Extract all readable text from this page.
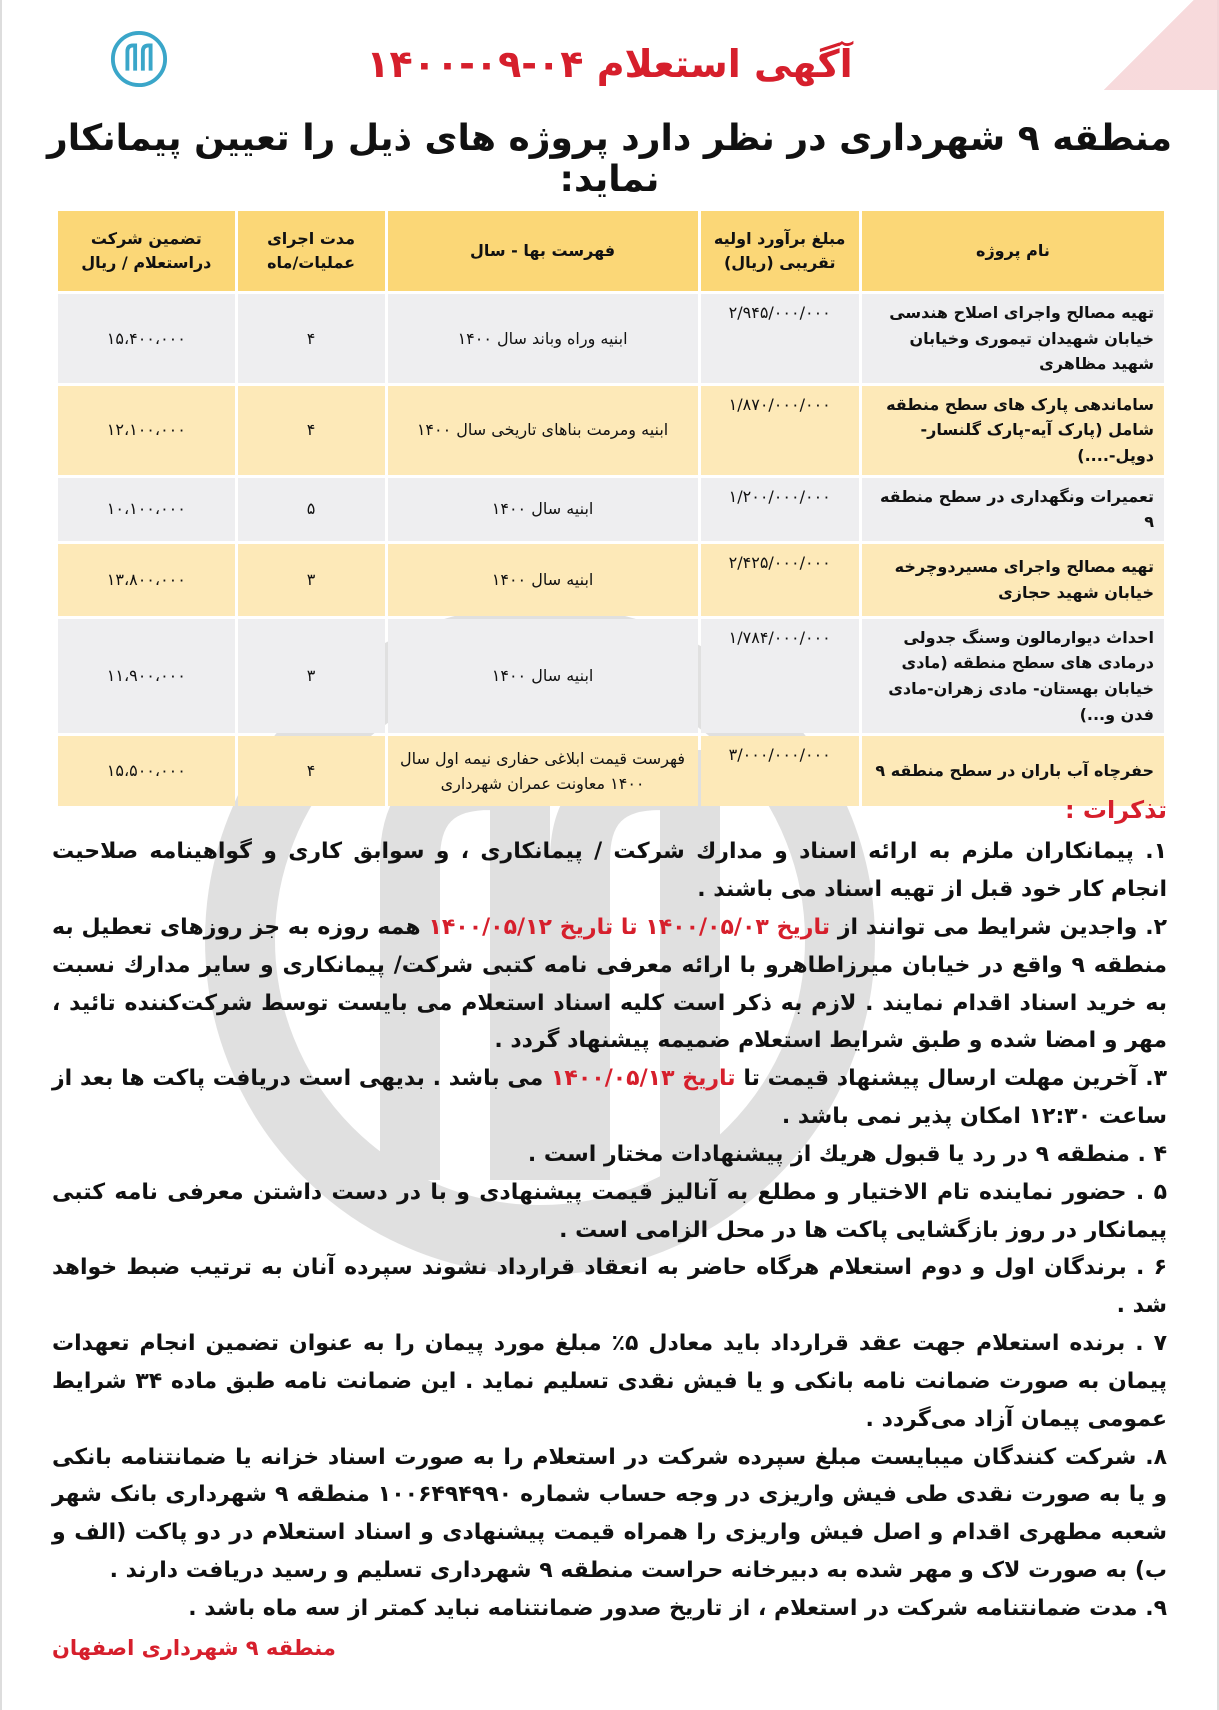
آگهی استعلام ۰۴-۰۹-۱۴۰۰
منطقه ۹ شهرداری در نظر دارد پروژه های ذیل را تعیین پیمانکار نماید:
نام پروژه	مبلغ برآورد اولیه تقریبی (ریال)	فهرست بها - سال	مدت اجرای عملیات/ماه	تضمین شرکت دراستعلام / ریال
تهیه مصالح واجرای اصلاح هندسی خیابان شهیدان تیموری وخیابان شهید مظاهری	۲/۹۴۵/۰۰۰/۰۰۰	ابنیه وراه وباند سال ۱۴۰۰	۴	۱۵،۴۰۰،۰۰۰
ساماندهی پارک های سطح منطقه شامل (پارک آیه-پارک گلنسار-دوپل-....)	۱/۸۷۰/۰۰۰/۰۰۰	ابنیه ومرمت بناهای تاریخی سال ۱۴۰۰	۴	۱۲،۱۰۰،۰۰۰
تعمیرات ونگهداری در سطح منطقه ۹	۱/۲۰۰/۰۰۰/۰۰۰	ابنیه سال ۱۴۰۰	۵	۱۰،۱۰۰،۰۰۰
تهیه مصالح واجرای مسیردوچرخه خیابان شهید حجازی	۲/۴۲۵/۰۰۰/۰۰۰	ابنیه سال ۱۴۰۰	۳	۱۳،۸۰۰،۰۰۰
احداث دیوارمالون وسنگ جدولی درمادی های سطح منطقه (مادی خیابان بهستان- مادی زهران-مادی فدن و...)	۱/۷۸۴/۰۰۰/۰۰۰	ابنیه سال ۱۴۰۰	۳	۱۱،۹۰۰،۰۰۰
حفرچاه آب باران در سطح منطقه ۹	۳/۰۰۰/۰۰۰/۰۰۰	فهرست قیمت ابلاغی حفاری نیمه اول سال ۱۴۰۰ معاونت عمران شهرداری	۴	۱۵،۵۰۰،۰۰۰
تذکرات :

۱. پیمانکاران ملزم به ارائه اسناد و مدارك شرکت / پیمانکاری ، و سوابق کاری و گواهینامه صلاحیت انجام کار خود قبل از تهیه اسناد می باشند .

۲. واجدین شرایط می توانند از تاریخ ۱۴۰۰/۰۵/۰۳ تا تاریخ ۱۴۰۰/۰۵/۱۲ همه روزه به جز روزهای تعطیل به منطقه ۹ واقع در خیابان میرزاطاهرو با ارائه معرفی نامه کتبی شرکت/ پیمانکاری و سایر مدارك نسبت به خرید اسناد اقدام نمایند . لازم به ذکر است کلیه اسناد استعلام می بایست توسط شرکت‌کننده تائید ، مهر و امضا شده و طبق شرایط استعلام ضمیمه پیشنهاد گردد .

۳. آخرین مهلت ارسال پیشنهاد قیمت تا تاریخ ۱۴۰۰/۰۵/۱۳ می باشد . بدیهی است دریافت پاکت ها بعد از ساعت ۱۲:۳۰ امکان پذیر نمی باشد .

۴ . منطقه ۹ در رد یا قبول هریك از پیشنهادات مختار است .

۵ . حضور نماینده تام الاختیار و مطلع به آنالیز قیمت پیشنهادی و با در دست داشتن معرفی نامه کتبی پیمانکار در روز بازگشایی پاکت ها در محل الزامی است .

۶ . برندگان اول و دوم استعلام هرگاه حاضر به انعقاد قرارداد نشوند سپرده آنان به ترتیب ضبط خواهد شد .

۷ . برنده استعلام جهت عقد قرارداد باید معادل ۵٪ مبلغ مورد پیمان را به عنوان تضمین انجام تعهدات پیمان به صورت ضمانت نامه بانکی و یا فیش نقدی تسلیم نماید . این ضمانت نامه طبق ماده ۳۴ شرایط عمومی پیمان آزاد می‌گردد .

۸. شرکت کنندگان میبایست مبلغ سپرده شرکت در استعلام را به صورت اسناد خزانه یا ضمانتنامه بانکی و یا به صورت نقدی طی فیش واریزی در وجه حساب شماره ۱۰۰۶۴۹۴۹۹۰ منطقه ۹ شهرداری بانک شهر شعبه مطهری اقدام و اصل فیش واریزی را همراه قیمت پیشنهادی و اسناد استعلام در دو پاکت (الف و ب) به صورت لاک و مهر شده به دبیرخانه حراست منطقه ۹ شهرداری تسلیم و رسید دریافت دارند .

۹. مدت ضمانتنامه شرکت در استعلام ، از تاریخ صدور ضمانتنامه نباید کمتر از سه ماه باشد .

منطقه ۹ شهرداری اصفهان
